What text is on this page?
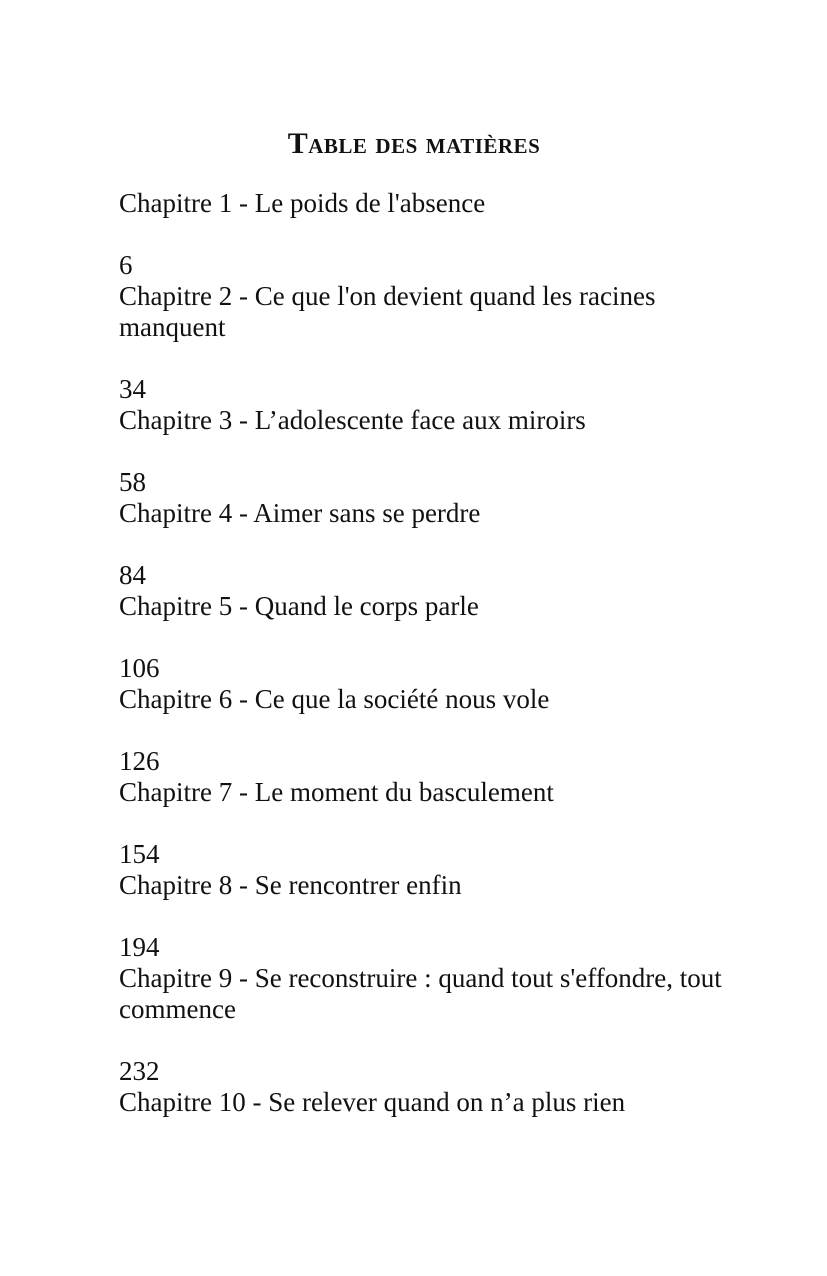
Table des matières
Chapitre 1 - Le poids de l'absence
6
Chapitre 2 - Ce que l'on devient quand les racines manquent
34
Chapitre 3 - L’adolescente face aux miroirs
58
Chapitre 4 - Aimer sans se perdre
84
Chapitre 5 - Quand le corps parle
106
Chapitre 6 - Ce que la société nous vole
126
Chapitre 7 - Le moment du basculement
154
Chapitre 8 - Se rencontrer enfin
194
Chapitre 9 - Se reconstruire : quand tout s'effondre, tout commence
232
Chapitre 10 - Se relever quand on n’a plus rien
